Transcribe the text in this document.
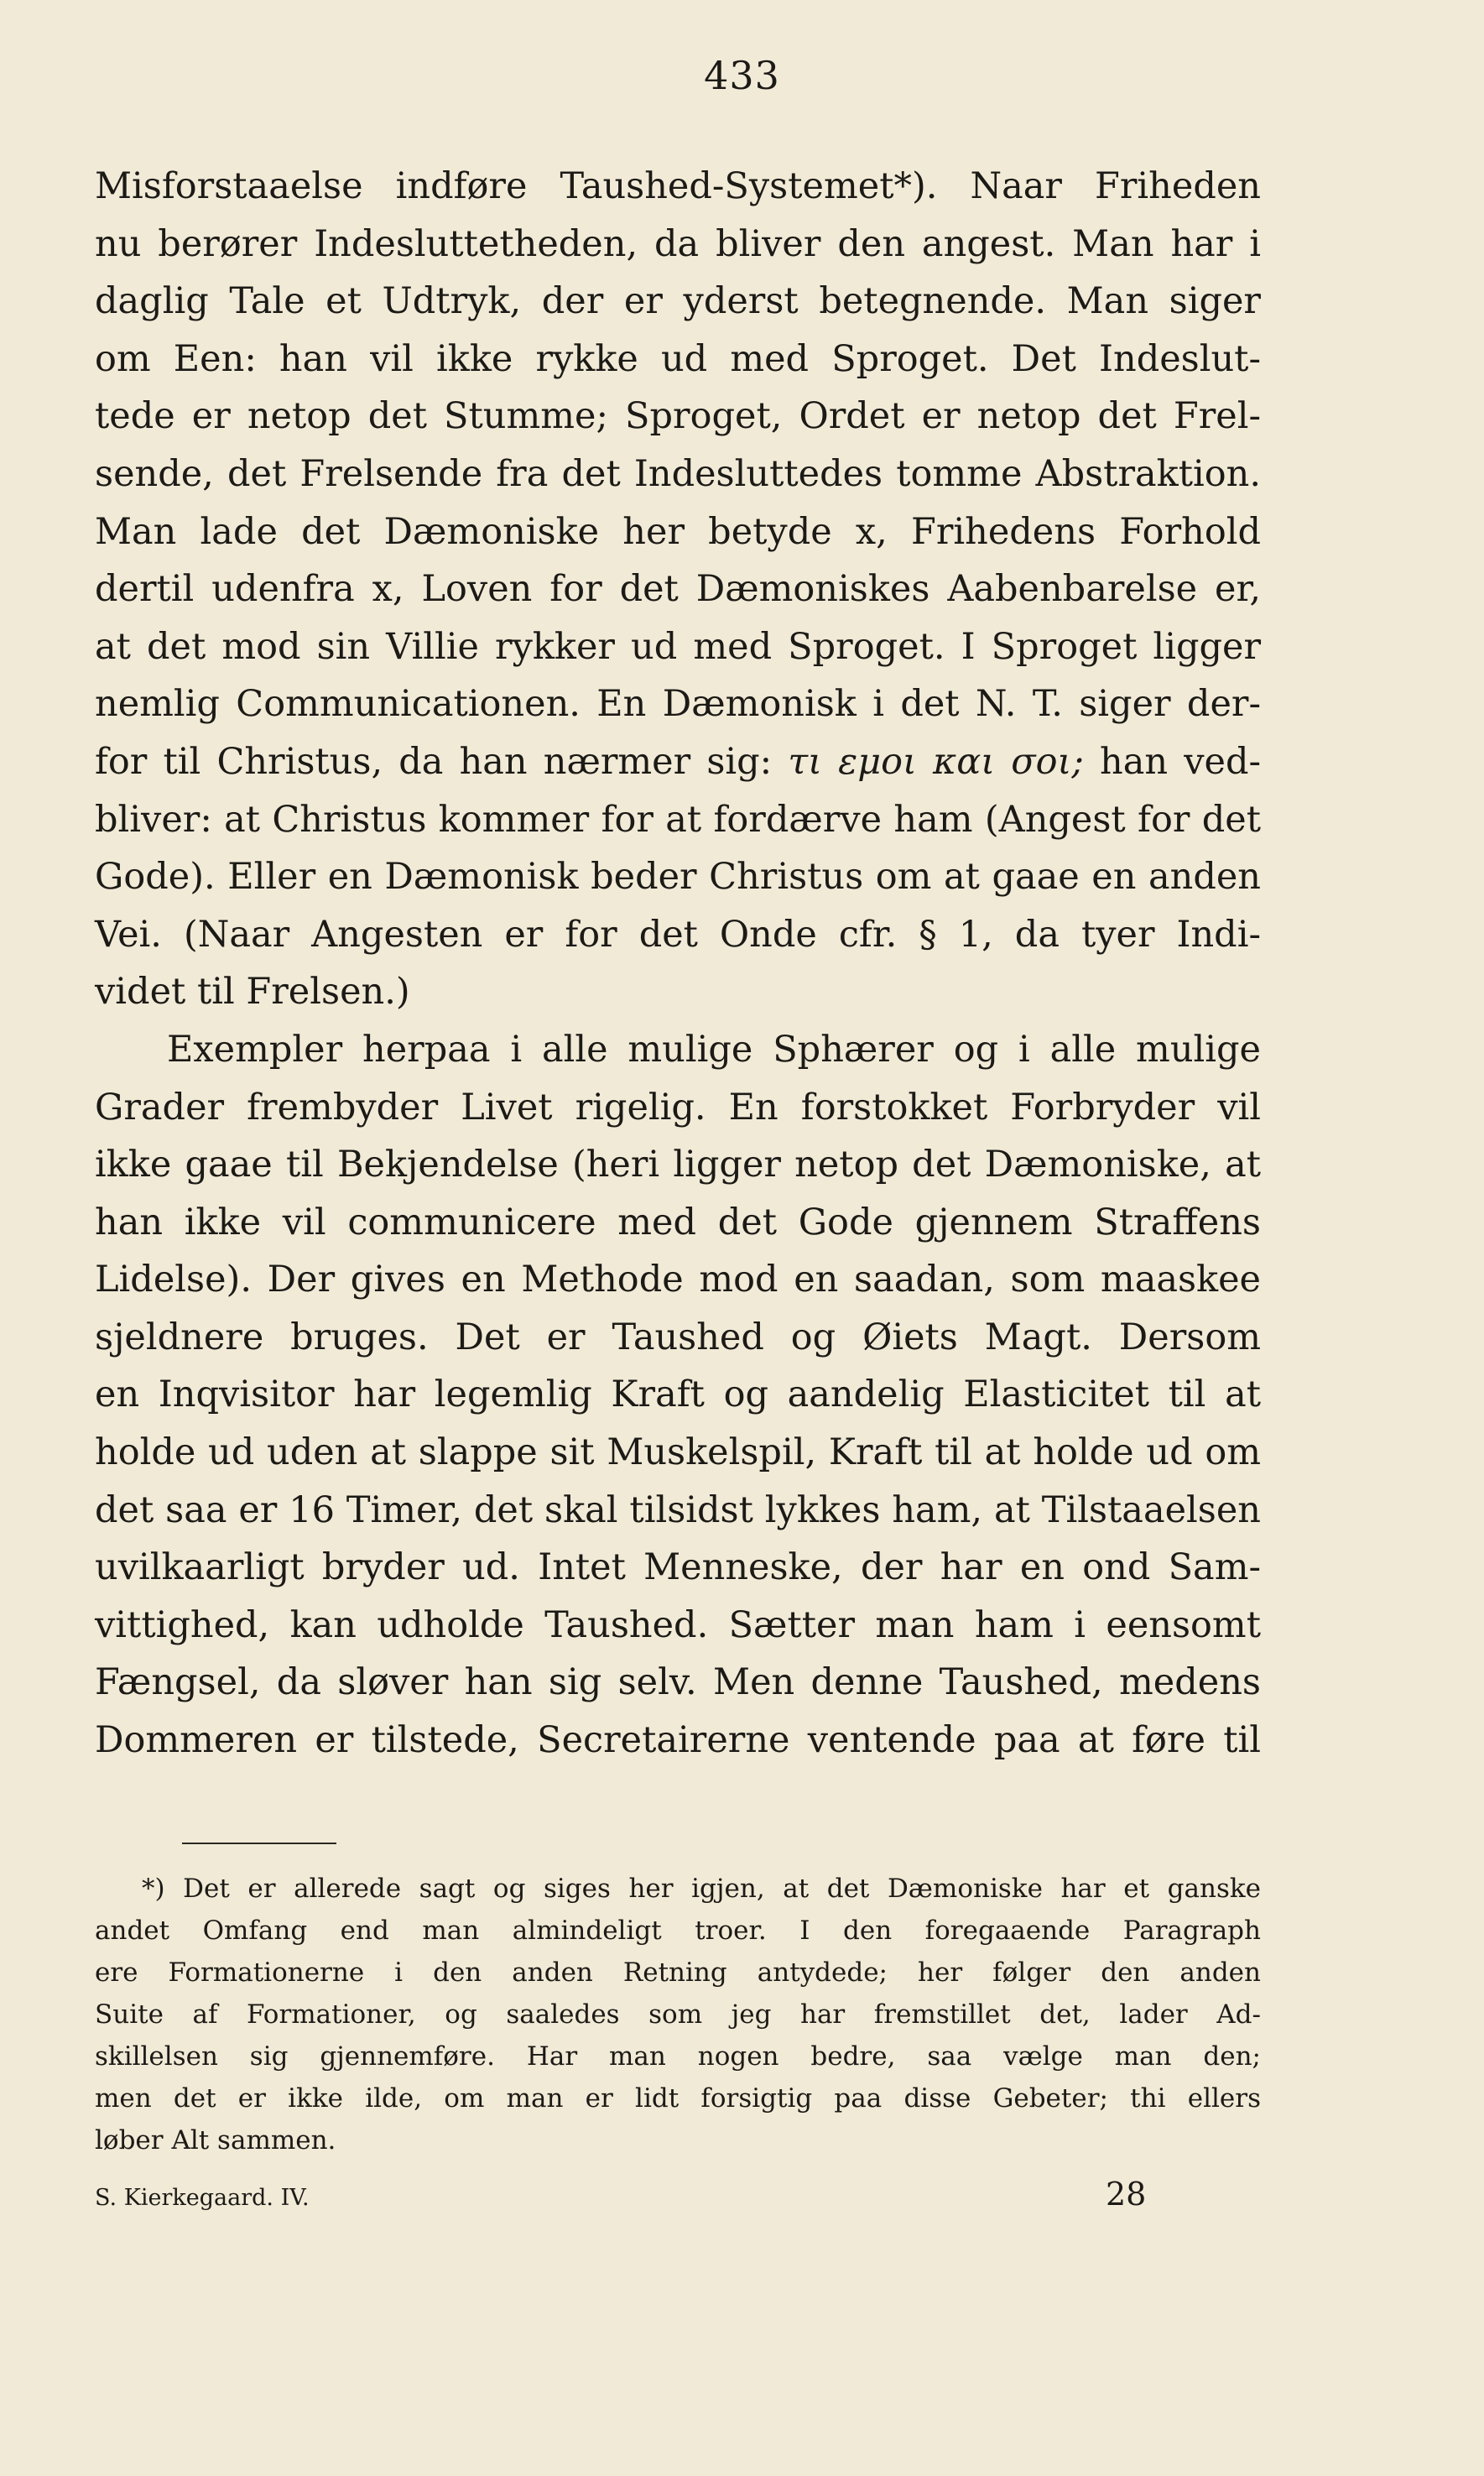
433
Misforstaaelse indføre Taushed-Systemet*). Naar Friheden
nu berører Indesluttetheden, da bliver den angest. Man har i
daglig Tale et Udtryk, der er yderst betegnende. Man siger
om Een: han vil ikke rykke ud med Sproget. Det Indeslut-
tede er netop det Stumme; Sproget, Ordet er netop det Frel-
sende, det Frelsende fra det Indesluttedes tomme Abstraktion.
Man lade det Dæmoniske her betyde x, Frihedens Forhold
dertil udenfra x, Loven for det Dæmoniskes Aabenbarelse er,
at det mod sin Villie rykker ud med Sproget. I Sproget ligger
nemlig Communicationen. En Dæmonisk i det N. T. siger der-
for til Christus, da han nærmer sig: τι εμοι και σοι; han ved-
bliver: at Christus kommer for at fordærve ham (Angest for det
Gode). Eller en Dæmonisk beder Christus om at gaae en anden
Vei. (Naar Angesten er for det Onde cfr. § 1, da tyer Indi-
videt til Frelsen.)
Exempler herpaa i alle mulige Sphærer og i alle mulige
Grader frembyder Livet rigelig. En forstokket Forbryder vil
ikke gaae til Bekjendelse (heri ligger netop det Dæmoniske, at
han ikke vil communicere med det Gode gjennem Straffens
Lidelse). Der gives en Methode mod en saadan, som maaskee
sjeldnere bruges. Det er Taushed og Øiets Magt. Dersom
en Inqvisitor har legemlig Kraft og aandelig Elasticitet til at
holde ud uden at slappe sit Muskelspil, Kraft til at holde ud om
det saa er 16 Timer, det skal tilsidst lykkes ham, at Tilstaaelsen
uvilkaarligt bryder ud. Intet Menneske, der har en ond Sam-
vittighed, kan udholde Taushed. Sætter man ham i eensomt
Fængsel, da sløver han sig selv. Men denne Taushed, medens
Dommeren er tilstede, Secretairerne ventende paa at føre til
*) Det er allerede sagt og siges her igjen, at det Dæmoniske har et ganske
andet Omfang end man almindeligt troer. I den foregaaende Paragraph
ere Formationerne i den anden Retning antydede; her følger den anden
Suite af Formationer, og saaledes som jeg har fremstillet det, lader Ad-
skillelsen sig gjennemføre. Har man nogen bedre, saa vælge man den;
men det er ikke ilde, om man er lidt forsigtig paa disse Gebeter; thi ellers
løber Alt sammen.
S. Kierkegaard. IV.	28
